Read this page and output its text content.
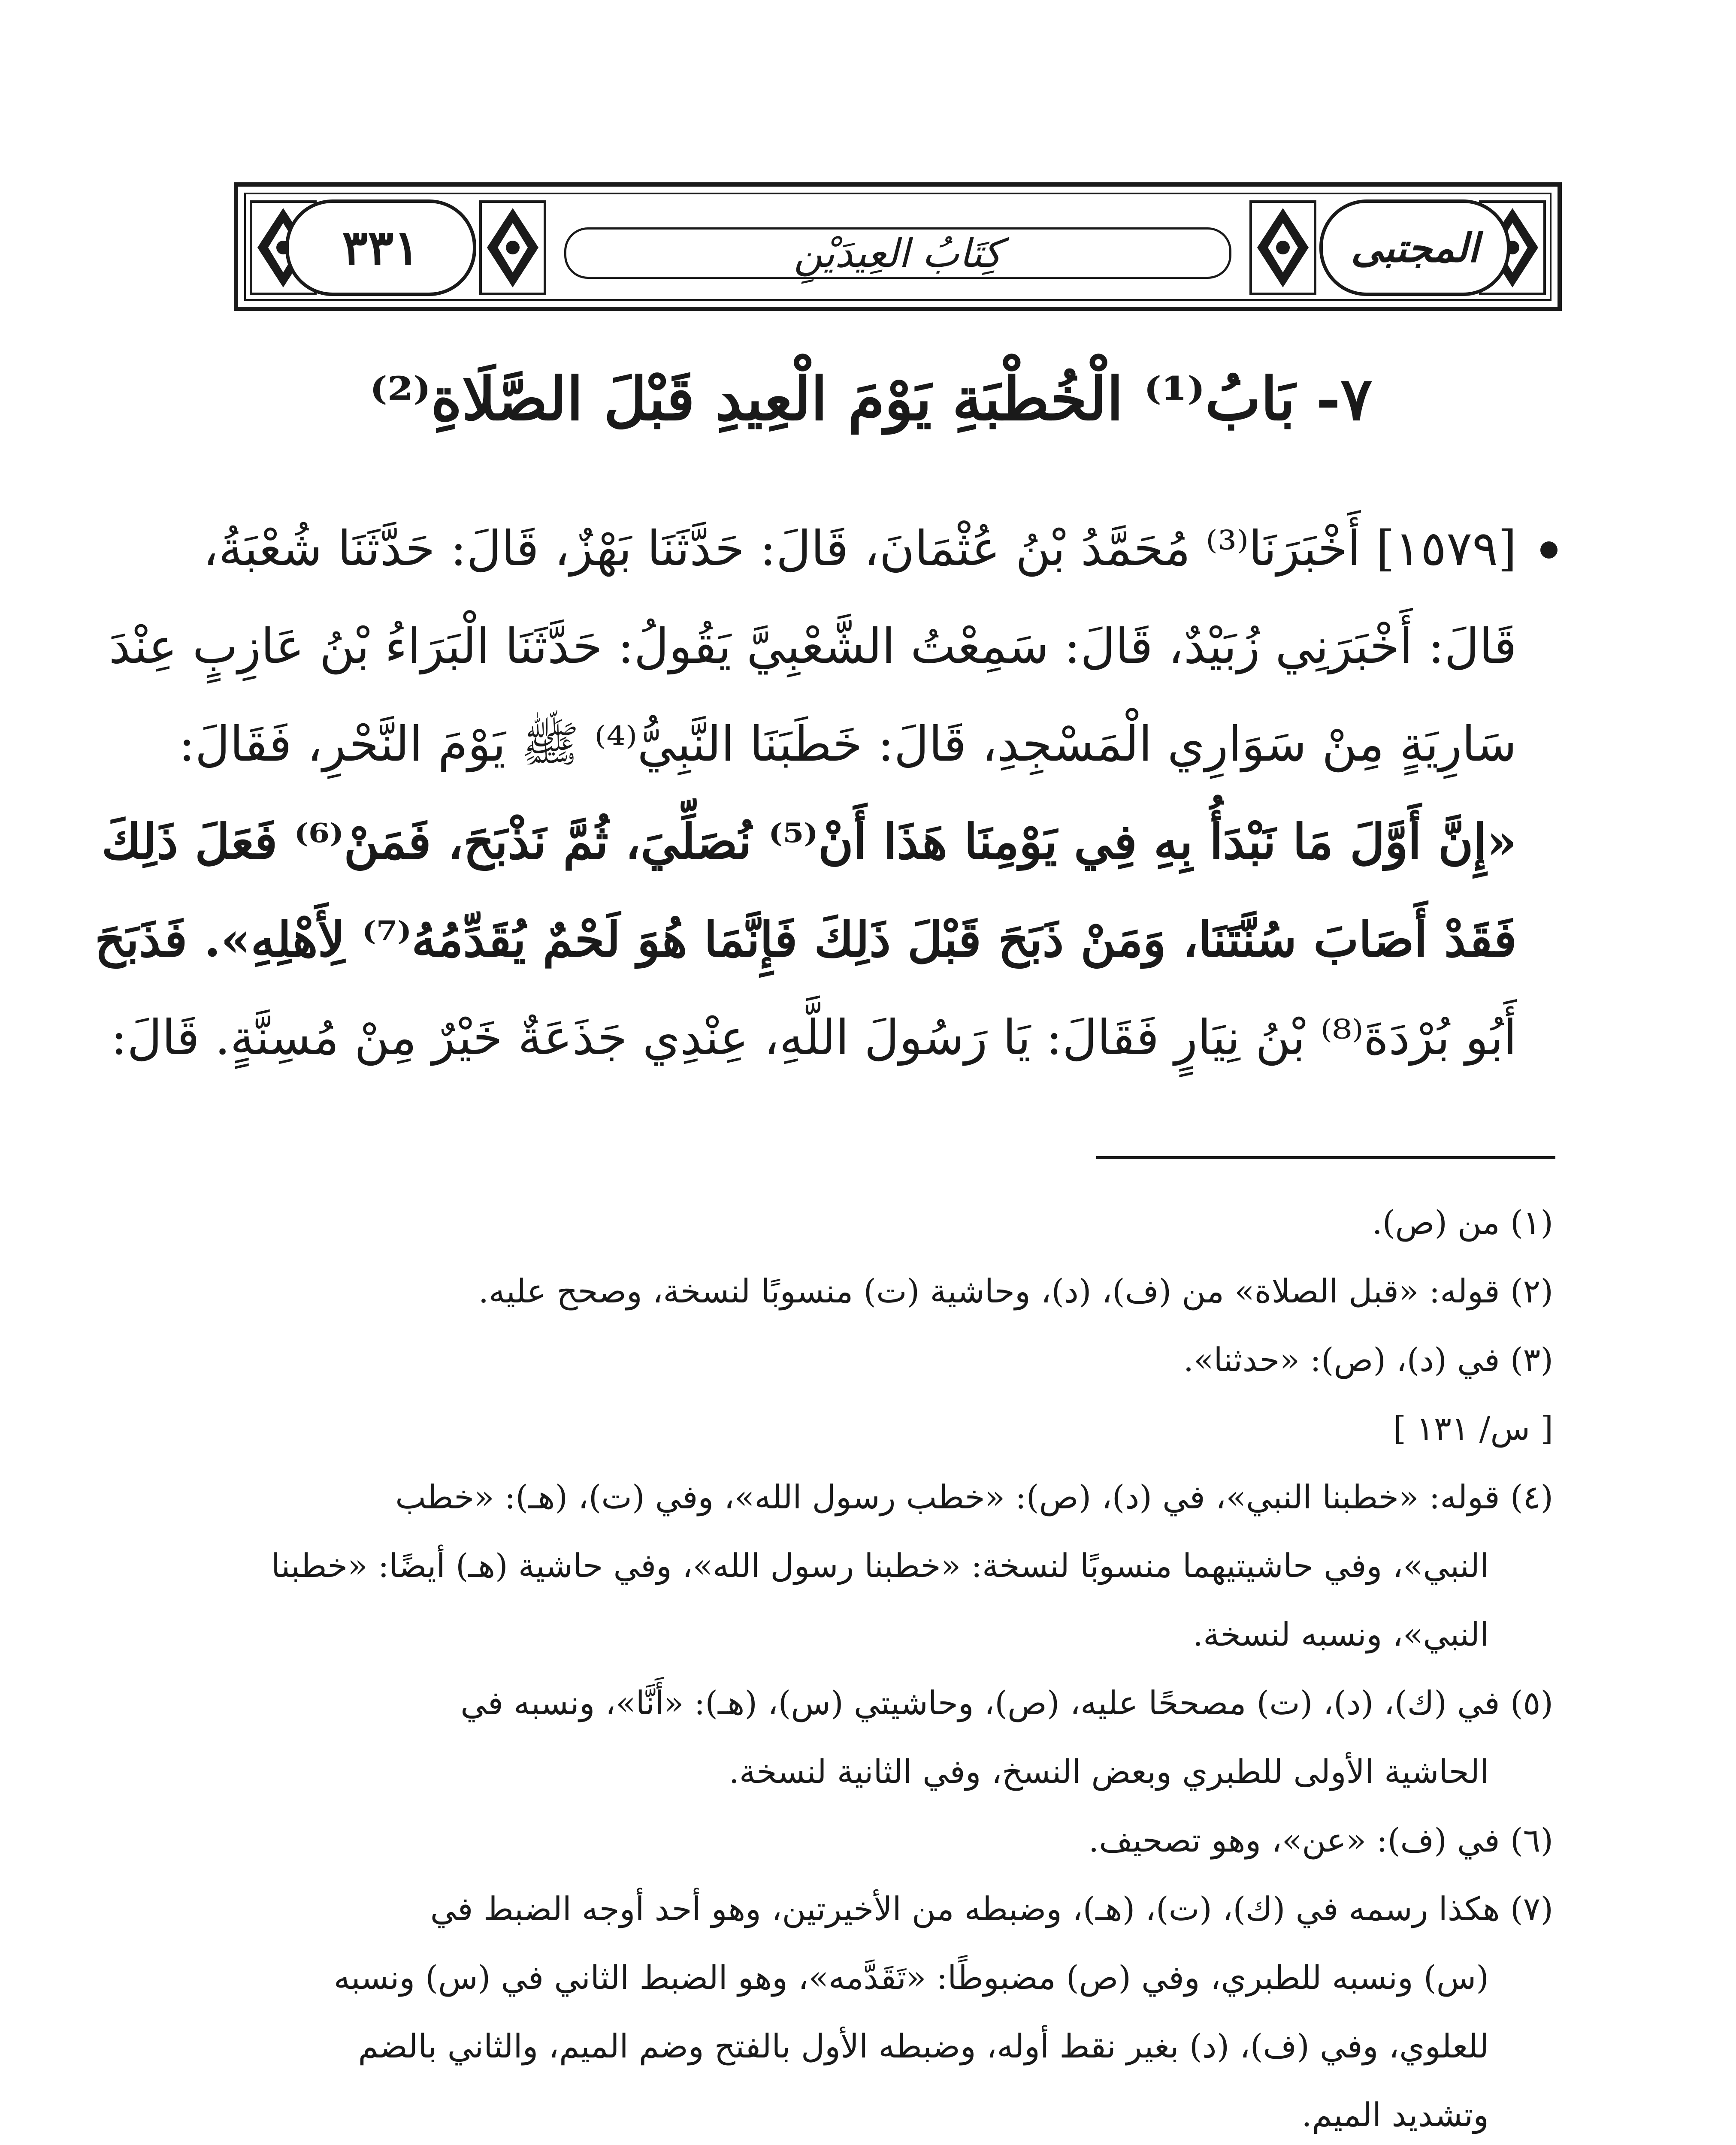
٣٣١	كِتَابُ العِيدَيْنِ	المجتبى
٧- بَابُ⁽¹⁾ الْخُطْبَةِ يَوْمَ الْعِيدِ قَبْلَ الصَّلَاةِ⁽²⁾
[١٥٧٩] أَخْبَرَنَا⁽³⁾ مُحَمَّدُ بْنُ عُثْمَانَ، قَالَ: حَدَّثَنَا بَهْزٌ، قَالَ: حَدَّثَنَا شُعْبَةُ،
قَالَ: أَخْبَرَنِي زُبَيْدٌ، قَالَ: سَمِعْتُ الشَّعْبِيَّ يَقُولُ: حَدَّثَنَا الْبَرَاءُ بْنُ عَازِبٍ عِنْدَ
سَارِيَةٍ مِنْ سَوَارِي الْمَسْجِدِ، قَالَ: خَطَبَنَا النَّبِيُّ⁽⁴⁾ ﷺ يَوْمَ النَّحْرِ، فَقَالَ:
«إِنَّ أَوَّلَ مَا نَبْدَأُ بِهِ فِي يَوْمِنَا هَذَا أَنْ⁽⁵⁾ نُصَلِّيَ، ثُمَّ نَذْبَحَ، فَمَنْ⁽⁶⁾ فَعَلَ ذَلِكَ
فَقَدْ أَصَابَ سُنَّتَنَا، وَمَنْ ذَبَحَ قَبْلَ ذَلِكَ فَإِنَّمَا هُوَ لَحْمٌ يُقَدِّمُهُ⁽⁷⁾ لِأَهْلِهِ». فَذَبَحَ
أَبُو بُرْدَةَ⁽⁸⁾ بْنُ نِيَارٍ فَقَالَ: يَا رَسُولَ اللَّهِ، عِنْدِي جَذَعَةٌ خَيْرٌ مِنْ مُسِنَّةٍ. قَالَ:
(١) من (ص).
(٢) قوله: «قبل الصلاة» من (ف)، (د)، وحاشية (ت) منسوبًا لنسخة، وصحح عليه.
(٣) في (د)، (ص): «حدثنا».
[ س/ ١٣١ ]
(٤) قوله: «خطبنا النبي»، في (د)، (ص): «خطب رسول الله»، وفي (ت)، (هـ): «خطب
النبي»، وفي حاشيتيهما منسوبًا لنسخة: «خطبنا رسول الله»، وفي حاشية (هـ) أيضًا: «خطبنا
النبي»، ونسبه لنسخة.
(٥) في (ك)، (د)، (ت) مصححًا عليه، (ص)، وحاشيتي (س)، (هـ): «أَنَّا»، ونسبه في
الحاشية الأولى للطبري وبعض النسخ، وفي الثانية لنسخة.
(٦) في (ف): «عن»، وهو تصحيف.
(٧) هكذا رسمه في (ك)، (ت)، (هـ)، وضبطه من الأخيرتين، وهو أحد أوجه الضبط في
(س) ونسبه للطبري، وفي (ص) مضبوطًا: «تَقَدَّمه»، وهو الضبط الثاني في (س) ونسبه
للعلوي، وفي (ف)، (د) بغير نقط أوله، وضبطه الأول بالفتح وضم الميم، والثاني بالضم
وتشديد الميم.
